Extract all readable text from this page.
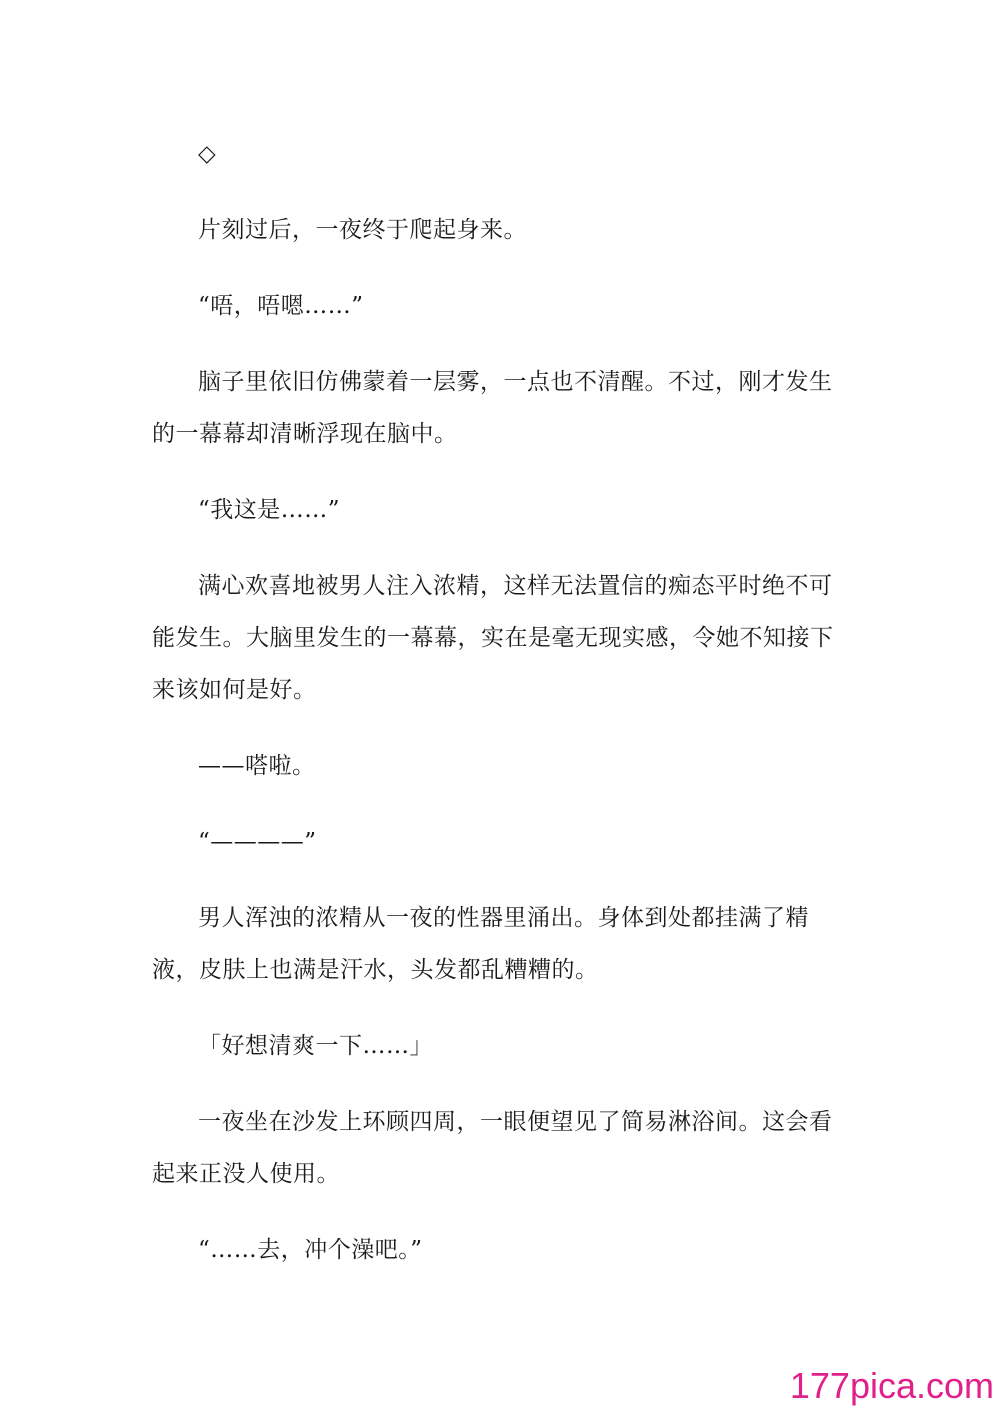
◇

片刻过后，一夜终于爬起身来。

“唔，唔嗯……”

脑子里依旧仿佛蒙着一层雾，一点也不清醒。不过，刚才发生的一幕幕却清晰浮现在脑中。

“我这是……”

满心欢喜地被男人注入浓精，这样无法置信的痴态平时绝不可能发生。大脑里发生的一幕幕，实在是毫无现实感，令她不知接下来该如何是好。

——嗒啦。

“————”

男人浑浊的浓精从一夜的性器里涌出。身体到处都挂满了精液，皮肤上也满是汗水，头发都乱糟糟的。

「好想清爽一下……」

一夜坐在沙发上环顾四周，一眼便望见了简易淋浴间。这会看起来正没人使用。

“……去，冲个澡吧。”

177pica.com
